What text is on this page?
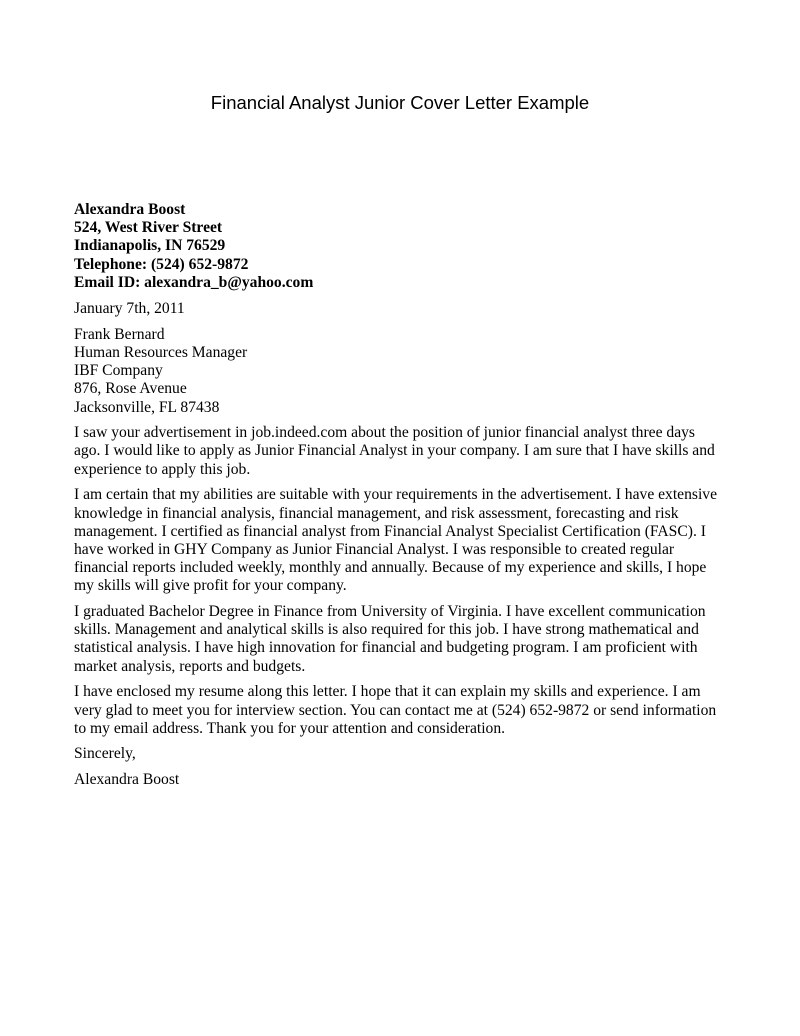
Financial Analyst Junior Cover Letter Example
Alexandra Boost
524, West River Street
Indianapolis, IN 76529
Telephone: (524) 652-9872
Email ID: alexandra_b@yahoo.com
January 7th, 2011
Frank Bernard
Human Resources Manager
IBF Company
876, Rose Avenue
Jacksonville, FL 87438
I saw your advertisement in job.indeed.com about the position of junior financial analyst three days
ago. I would like to apply as Junior Financial Analyst in your company. I am sure that I have skills and
experience to apply this job.
I am certain that my abilities are suitable with your requirements in the advertisement. I have extensive
knowledge in financial analysis, financial management, and risk assessment, forecasting and risk
management. I certified as financial analyst from Financial Analyst Specialist Certification (FASC). I
have worked in GHY Company as Junior Financial Analyst. I was responsible to created regular
financial reports included weekly, monthly and annually. Because of my experience and skills, I hope
my skills will give profit for your company.
I graduated Bachelor Degree in Finance from University of Virginia. I have excellent communication
skills. Management and analytical skills is also required for this job. I have strong mathematical and
statistical analysis. I have high innovation for financial and budgeting program. I am proficient with
market analysis, reports and budgets.
I have enclosed my resume along this letter. I hope that it can explain my skills and experience. I am
very glad to meet you for interview section. You can contact me at (524) 652-9872 or send information
to my email address. Thank you for your attention and consideration.
Sincerely,
Alexandra Boost
